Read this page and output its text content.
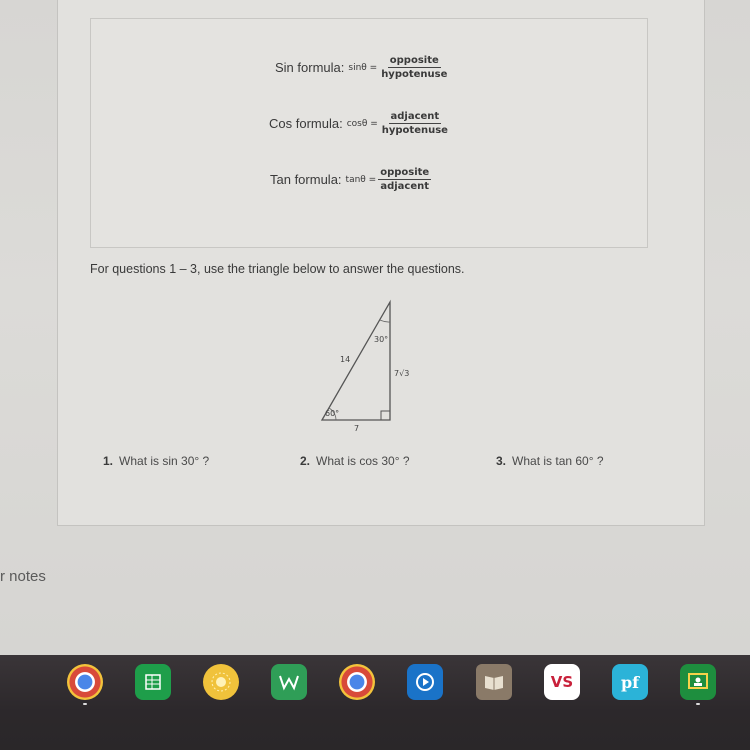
Sin formula: $\sin\theta = \frac{\text{opposite}}{\text{hypotenuse}}$
Cos formula: $\cos\theta = \frac{\text{adjacent}}{\text{hypotenuse}}$
Tan formula: $\tan\theta = \frac{\text{opposite}}{\text{adjacent}}$
For questions 1 – 3, use the triangle below to answer the questions.
30°
60°
14
7√3
7
1. What is sin 30° ?	2. What is cos 30° ?	3. What is tan 60° ?
r notes
VS	pf
